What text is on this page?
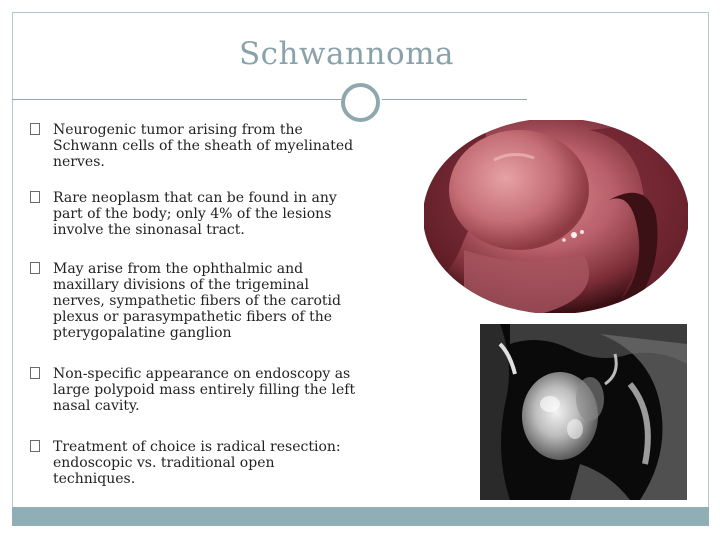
Schwannoma
Neurogenic tumor arising from the Schwann cells of the sheath of myelinated nerves.
Rare neoplasm that can be found in any part of the body; only 4% of the lesions involve the sinonasal tract.
May arise from the ophthalmic and maxillary divisions of the trigeminal nerves, sympathetic fibers of the carotid plexus or parasympathetic fibers of the pterygopalatine ganglion
Non-specific appearance on endoscopy as large polypoid mass entirely filling the left nasal cavity.
Treatment of choice is radical resection: endoscopic vs. traditional open techniques.
